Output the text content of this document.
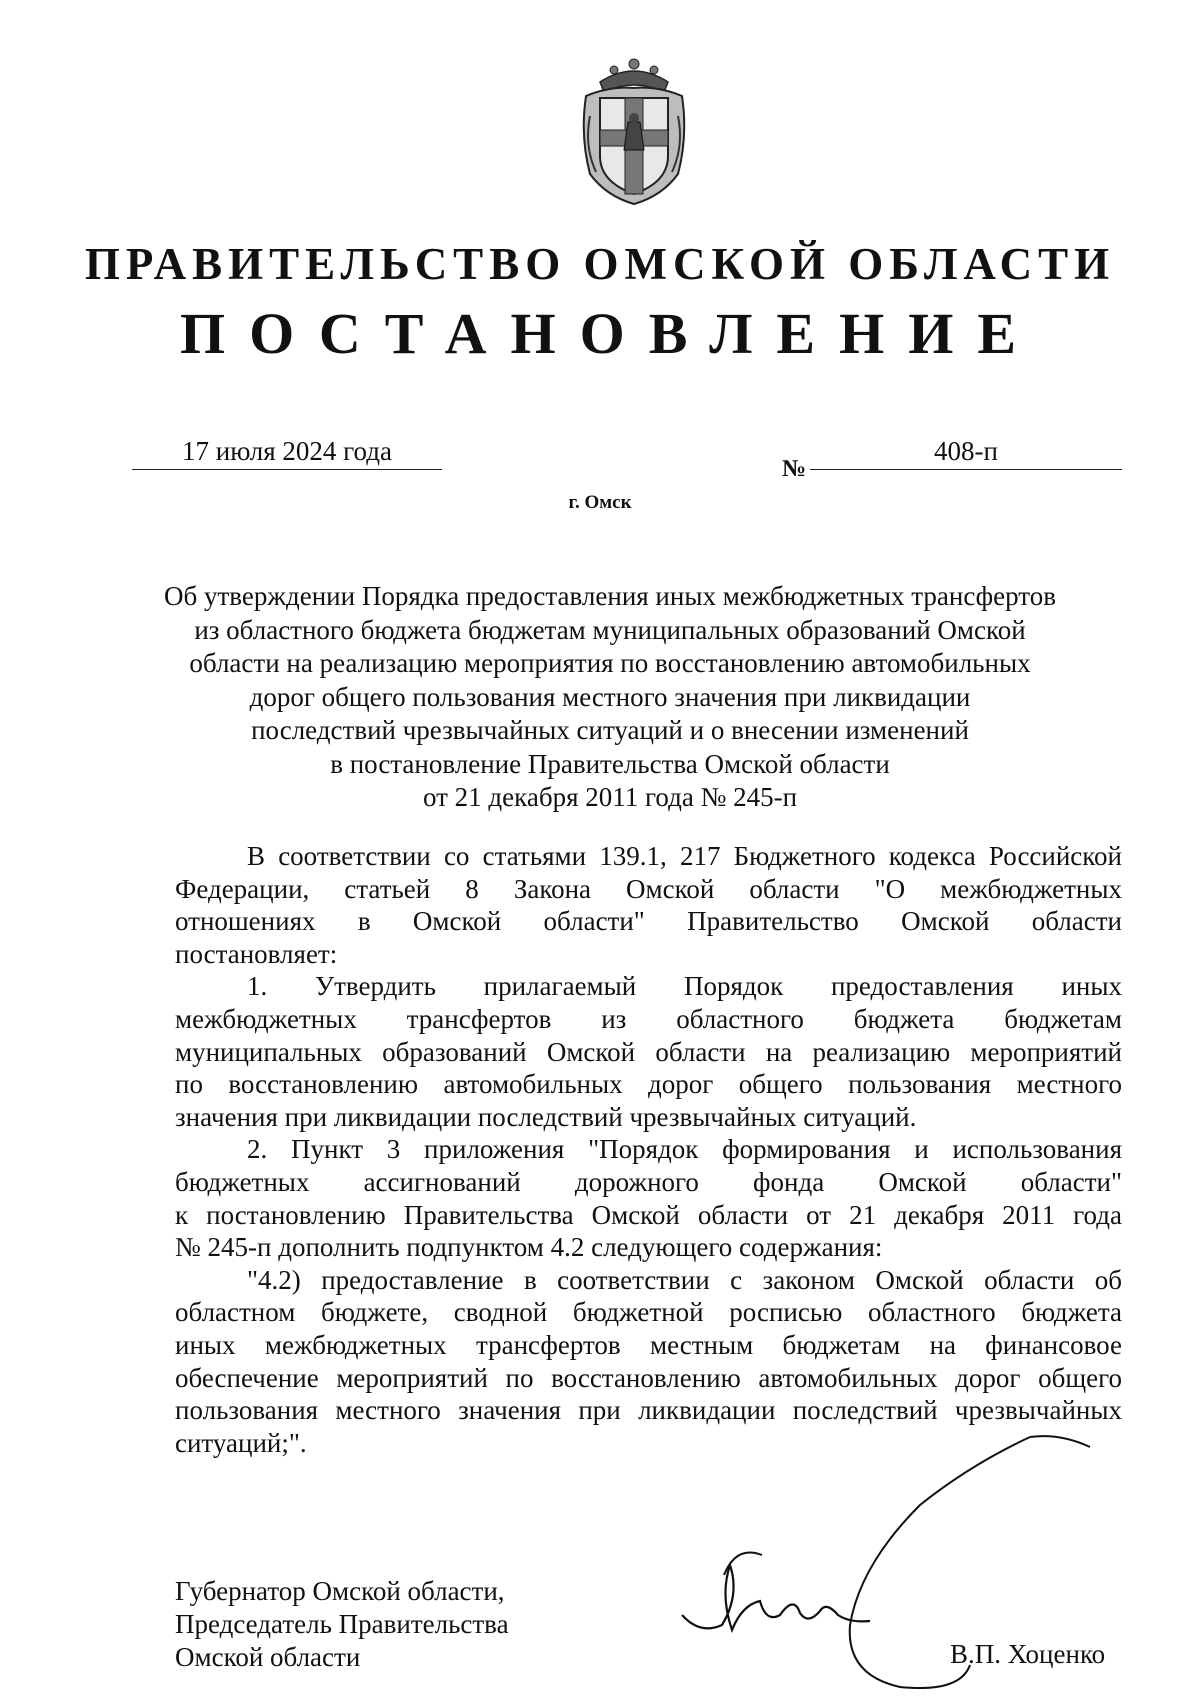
ПРАВИТЕЛЬСТВО ОМСКОЙ ОБЛАСТИ
ПОСТАНОВЛЕНИЕ
17 июля 2024 года
№
408-п
г. Омск
Об утверждении Порядка предоставления иных межбюджетных трансфертов
из областного бюджета бюджетам муниципальных образований Омской
области на реализацию мероприятия по восстановлению автомобильных
дорог общего пользования местного значения при ликвидации
последствий чрезвычайных ситуаций и о внесении изменений
в постановление Правительства Омской области
от 21 декабря 2011 года № 245-п
В соответствии со статьями 139.1, 217 Бюджетного кодекса Российской
Федерации, статьей 8 Закона Омской области "О межбюджетных
отношениях в Омской области" Правительство Омской области
постановляет:
1. Утвердить прилагаемый Порядок предоставления иных
межбюджетных трансфертов из областного бюджета бюджетам
муниципальных образований Омской области на реализацию мероприятий
по восстановлению автомобильных дорог общего пользования местного
значения при ликвидации последствий чрезвычайных ситуаций.
2. Пункт 3 приложения "Порядок формирования и использования
бюджетных ассигнований дорожного фонда Омской области"
к постановлению Правительства Омской области от 21 декабря 2011 года
№ 245-п дополнить подпунктом 4.2 следующего содержания:
"4.2) предоставление в соответствии с законом Омской области об
областном бюджете, сводной бюджетной росписью областного бюджета
иных межбюджетных трансфертов местным бюджетам на финансовое
обеспечение мероприятий по восстановлению автомобильных дорог общего
пользования местного значения при ликвидации последствий чрезвычайных
ситуаций;".
Губернатор Омской области,
Председатель Правительства
Омской области	В.П. Хоценко
